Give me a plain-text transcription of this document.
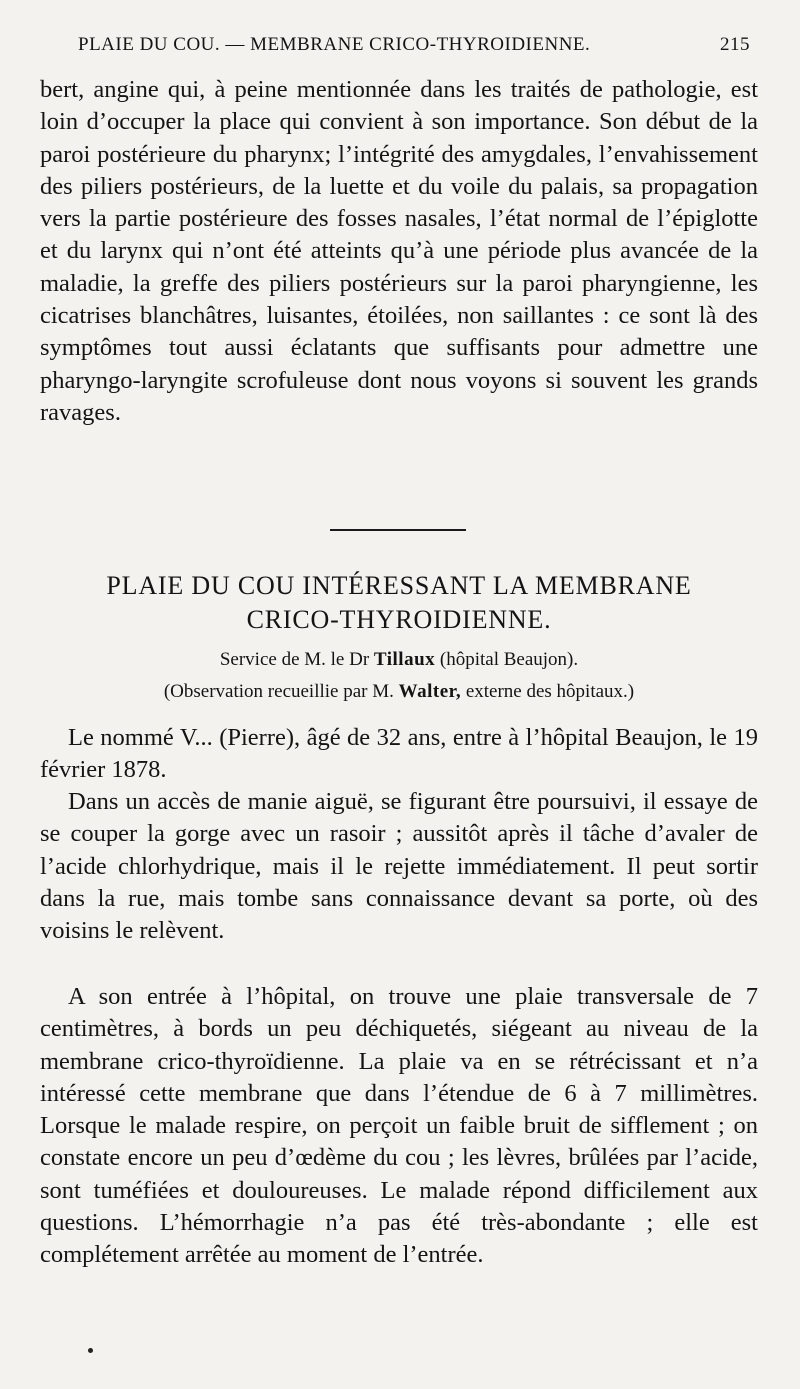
PLAIE DU COU. — MEMBRANE CRICO-THYROIDIENNE.	215

bert, angine qui, à peine mentionnée dans les traités de pathologie, est loin d’occuper la place qui convient à son importance. Son début de la paroi postérieure du pharynx; l’intégrité des amygdales, l’envahissement des piliers postérieurs, de la luette et du voile du palais, sa propagation vers la partie postérieure des fosses nasales, l’état normal de l’épiglotte et du larynx qui n’ont été atteints qu’à une période plus avancée de la maladie, la greffe des piliers postérieurs sur la paroi pharyngienne, les cicatrises blanchâtres, luisantes, étoilées, non saillantes : ce sont là des symptômes tout aussi éclatants que suffisants pour admettre une pharyngo-laryngite scrofuleuse dont nous voyons si souvent les grands ravages.

PLAIE DU COU INTÉRESSANT LA MEMBRANE
CRICO-THYROIDIENNE.
Service de M. le Dr Tillaux (hôpital Beaujon).
(Observation recueillie par M. Walter, externe des hôpitaux.)

Le nommé V... (Pierre), âgé de 32 ans, entre à l’hôpital Beaujon, le 19 février 1878.

Dans un accès de manie aiguë, se figurant être poursuivi, il essaye de se couper la gorge avec un rasoir ; aussitôt après il tâche d’avaler de l’acide chlorhydrique, mais il le rejette immédiatement. Il peut sortir dans la rue, mais tombe sans connaissance devant sa porte, où des voisins le relèvent.

A son entrée à l’hôpital, on trouve une plaie transversale de 7 centimètres, à bords un peu déchiquetés, siégeant au niveau de la membrane crico-thyroïdienne. La plaie va en se rétrécissant et n’a intéressé cette membrane que dans l’étendue de 6 à 7 millimètres. Lorsque le malade respire, on perçoit un faible bruit de sifflement ; on constate encore un peu d’œdème du cou ; les lèvres, brûlées par l’acide, sont tuméfiées et douloureuses. Le malade répond difficilement aux questions. L’hémorrhagie n’a pas été très-abondante ; elle est complétement arrêtée au moment de l’entrée.
